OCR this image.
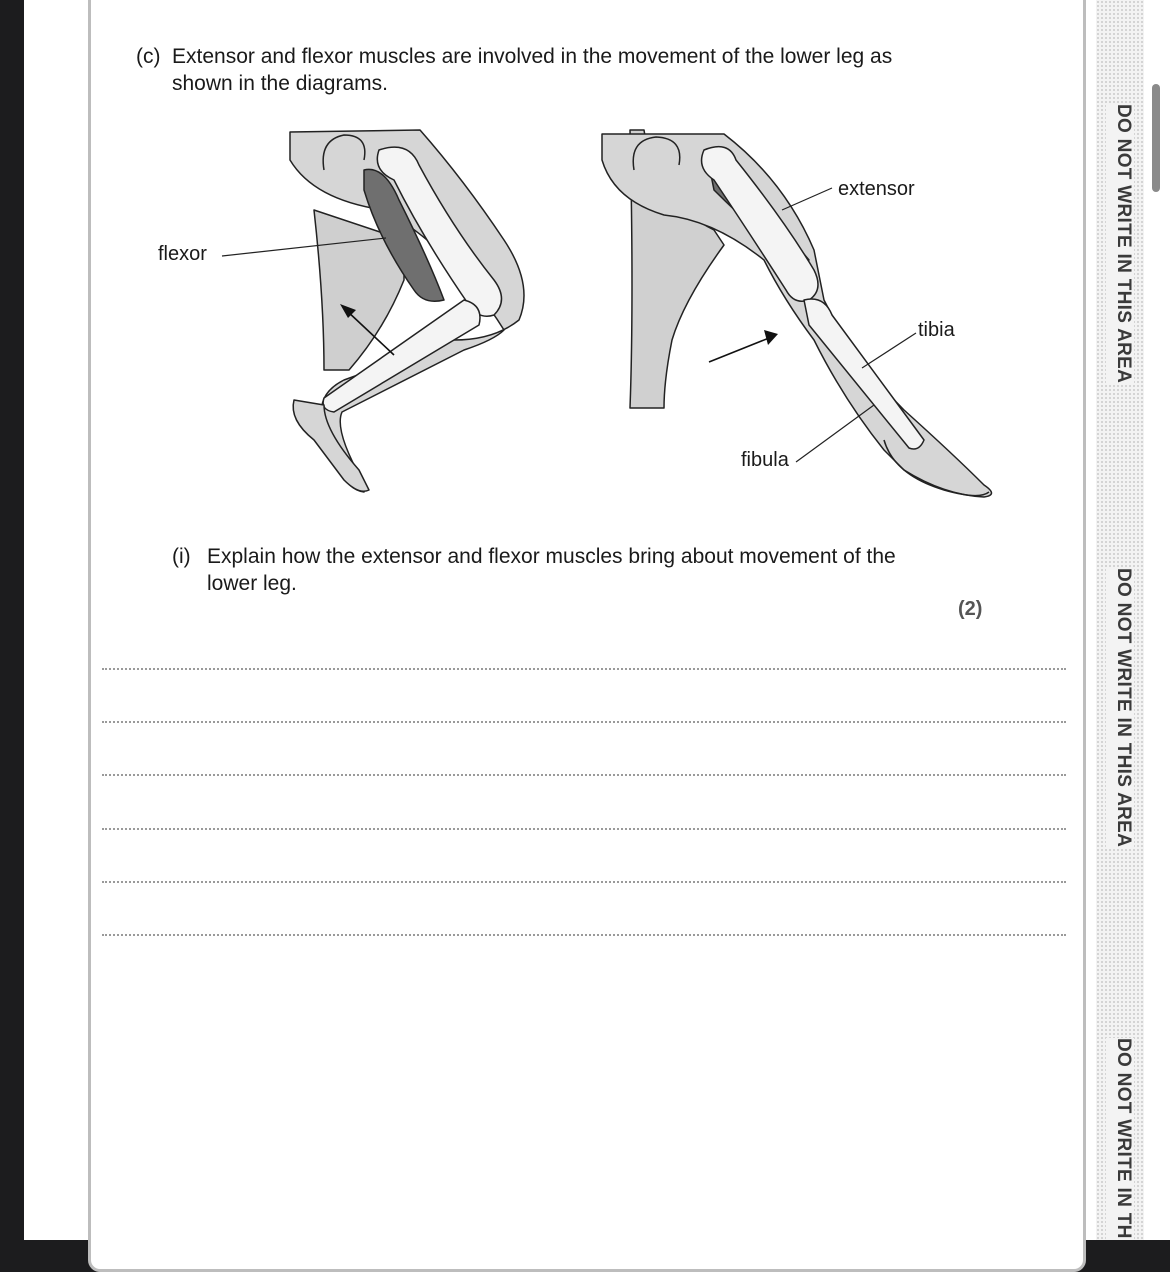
(c) Extensor and flexor muscles are involved in the movement of the lower leg as
shown in the diagrams.
flexor
extensor
tibia
fibula
(i) Explain how the extensor and flexor muscles bring about movement of the
lower leg.
(2)
DO NOT WRITE IN THIS AREA
DO NOT WRITE IN THIS AREA
DO NOT WRITE IN TH
